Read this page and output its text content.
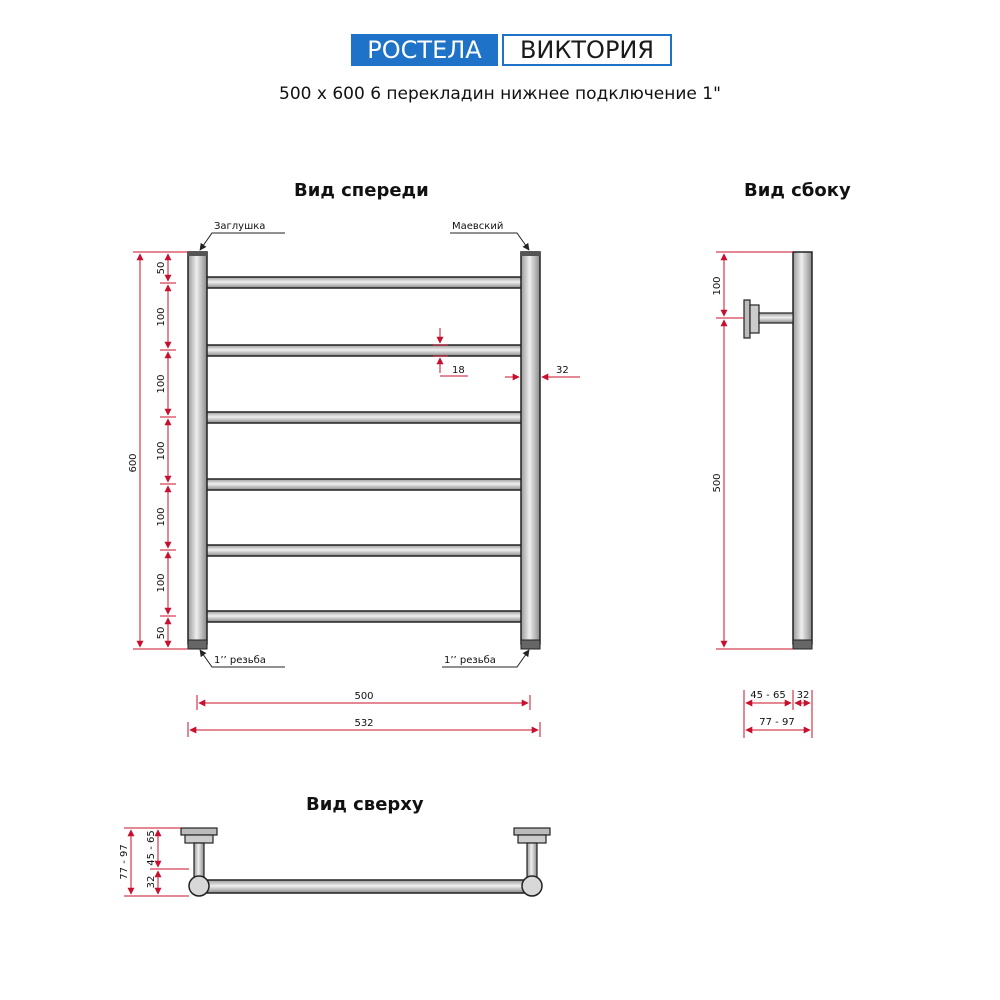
РОСТЕЛА	ВИКТОРИЯ
500 х 600 6 перекладин нижнее подключение 1"
Вид спереди	Вид сбоку
Вид сверху
Заглушка	Маевский
1’’ резьба	1’’ резьба
600
50
100
100
100
100
100
50
18	32
500
532
100
500
45 - 65 32
77 - 97
77 - 97 45 - 65
32
